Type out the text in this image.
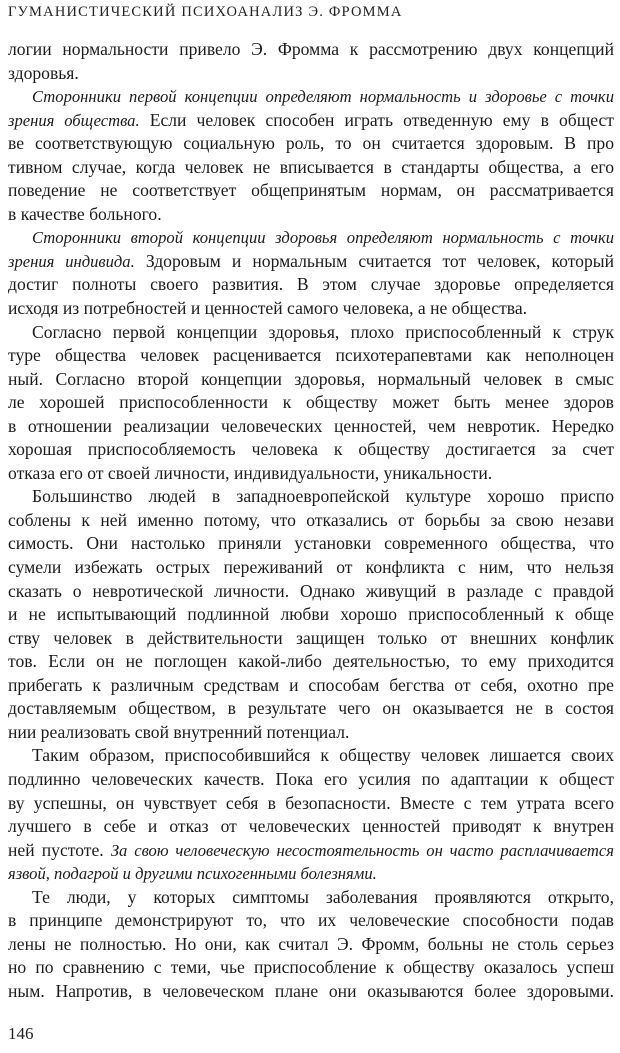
ГУМАНИСТИЧЕСКИЙ ПСИХОАНАЛИЗ Э. ФРОММА
логии нормальности привело Э. Фромма к рассмотрению двух концепций
здоровья.
Сторонники первой концепции определяют нормальность и здоровье с точки
зрения общества. Если человек способен играть отведенную ему в общест
ве соответствующую социальную роль, то он считается здоровым. В про
тивном случае, когда человек не вписывается в стандарты общества, а его
поведение не соответствует общепринятым нормам, он рассматривается
в качестве больного.
Сторонники второй концепции здоровья определяют нормальность с точки
зрения индивида. Здоровым и нормальным считается тот человек, который
достиг полноты своего развития. В этом случае здоровье определяется
исходя из потребностей и ценностей самого человека, а не общества.
Согласно первой концепции здоровья, плохо приспособленный к струк
туре общества человек расценивается психотерапевтами как неполноцен
ный. Согласно второй концепции здоровья, нормальный человек в смыс
ле хорошей приспособленности к обществу может быть менее здоров
в отношении реализации человеческих ценностей, чем невротик. Нередко
хорошая приспособляемость человека к обществу достигается за счет
отказа его от своей личности, индивидуальности, уникальности.
Большинство людей в западноевропейской культуре хорошо приспо
соблены к ней именно потому, что отказались от борьбы за свою незави
симость. Они настолько приняли установки современного общества, что
сумели избежать острых переживаний от конфликта с ним, что нельзя
сказать о невротической личности. Однако живущий в разладе с правдой
и не испытывающий подлинной любви хорошо приспособленный к обще
ству человек в действительности защищен только от внешних конфлик
тов. Если он не поглощен какой-либо деятельностью, то ему приходится
прибегать к различным средствам и способам бегства от себя, охотно пре
доставляемым обществом, в результате чего он оказывается не в состоя
нии реализовать свой внутренний потенциал.
Таким образом, приспособившийся к обществу человек лишается своих
подлинно человеческих качеств. Пока его усилия по адаптации к общест
ву успешны, он чувствует себя в безопасности. Вместе с тем утрата всего
лучшего в себе и отказ от человеческих ценностей приводят к внутрен
ней пустоте. За свою человеческую несостоятельность он часто расплачивается
язвой, подагрой и другими психогенными болезнями.
Те люди, у которых симптомы заболевания проявляются открыто,
в принципе демонстрируют то, что их человеческие способности подав
лены не полностью. Но они, как считал Э. Фромм, больны не столь серьез
но по сравнению с теми, чье приспособление к обществу оказалось успеш
ным. Напротив, в человеческом плане они оказываются более здоровыми.
146
